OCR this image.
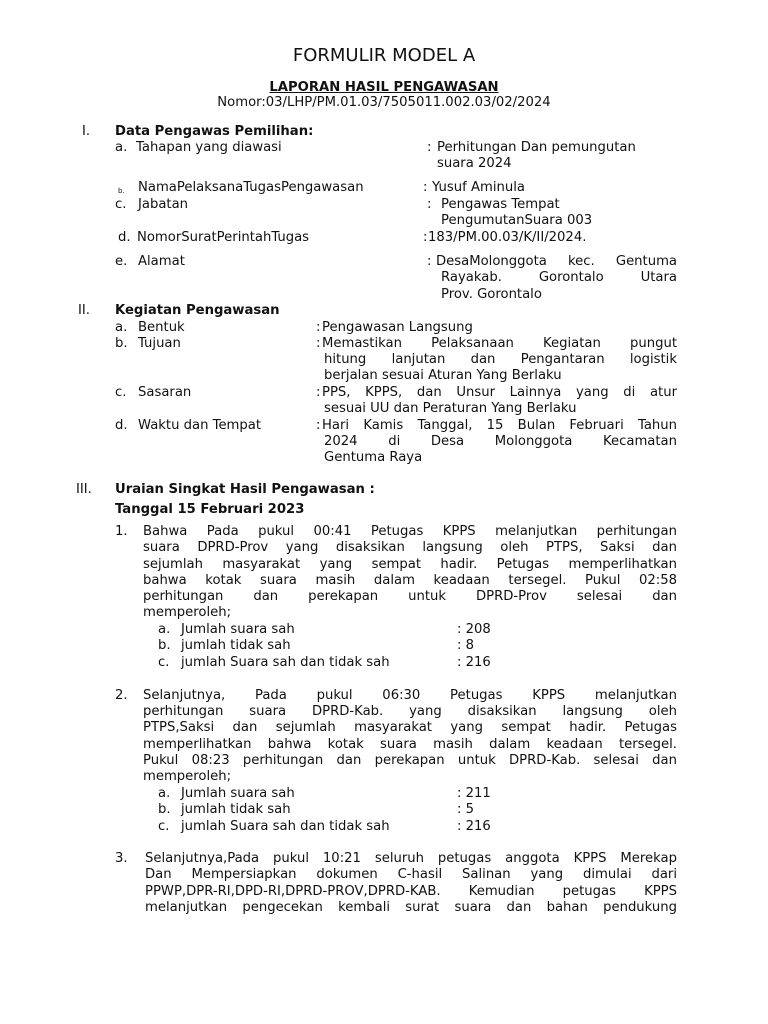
FORMULIR MODEL A
LAPORAN HASIL PENGAWASAN
Nomor:03/LHP/PM.01.03/7505011.002.03/02/2024
I. Data Pengawas Pemilihan:
a. Tahapan yang diawasi	: Perhitungan Dan pemungutan
suara 2024
b. NamaPelaksanaTugasPengawasan	: Yusuf Aminula
c. Jabatan	: Pengawas Tempat
PengumutanSuara 003
d. NomorSuratPerintahTugas	: 183/PM.00.03/K/II/2024.
e. Alamat	: DesaMolonggota kec. Gentuma
Rayakab. Gorontalo Utara
Prov. Gorontalo
II. Kegiatan Pengawasan
a. Bentuk	: Pengawasan Langsung
b. Tujuan	: Memastikan Pelaksanaan Kegiatan pungut
hitung lanjutan dan Pengantaran logistik
berjalan sesuai Aturan Yang Berlaku
c. Sasaran	: PPS, KPPS, dan Unsur Lainnya yang di atur
sesuai UU dan Peraturan Yang Berlaku
d. Waktu dan Tempat	: Hari Kamis Tanggal, 15 Bulan Februari Tahun
2024 di Desa Molonggota Kecamatan
Gentuma Raya
III. Uraian Singkat Hasil Pengawasan :
Tanggal 15 Februari 2023
1. Bahwa Pada pukul 00:41 Petugas KPPS melanjutkan perhitungan
suara DPRD-Prov yang disaksikan langsung oleh PTPS, Saksi dan
sejumlah masyarakat yang sempat hadir. Petugas memperlihatkan
bahwa kotak suara masih dalam keadaan tersegel. Pukul 02:58
perhitungan dan perekapan untuk DPRD-Prov selesai dan
memperoleh;
a. Jumlah suara sah	: 208
b. jumlah tidak sah	: 8
c. jumlah Suara sah dan tidak sah	: 216
2. Selanjutnya, Pada pukul 06:30 Petugas KPPS melanjutkan
perhitungan suara DPRD-Kab. yang disaksikan langsung oleh
PTPS,Saksi dan sejumlah masyarakat yang sempat hadir. Petugas
memperlihatkan bahwa kotak suara masih dalam keadaan tersegel.
Pukul 08:23 perhitungan dan perekapan untuk DPRD-Kab. selesai dan
memperoleh;
a. Jumlah suara sah	: 211
b. jumlah tidak sah	: 5
c. jumlah Suara sah dan tidak sah	: 216
3. Selanjutnya,Pada pukul 10:21 seluruh petugas anggota KPPS Merekap
Dan Mempersiapkan dokumen C-hasil Salinan yang dimulai dari
PPWP,DPR-RI,DPD-RI,DPRD-PROV,DPRD-KAB. Kemudian petugas KPPS
melanjutkan pengecekan kembali surat suara dan bahan pendukung
